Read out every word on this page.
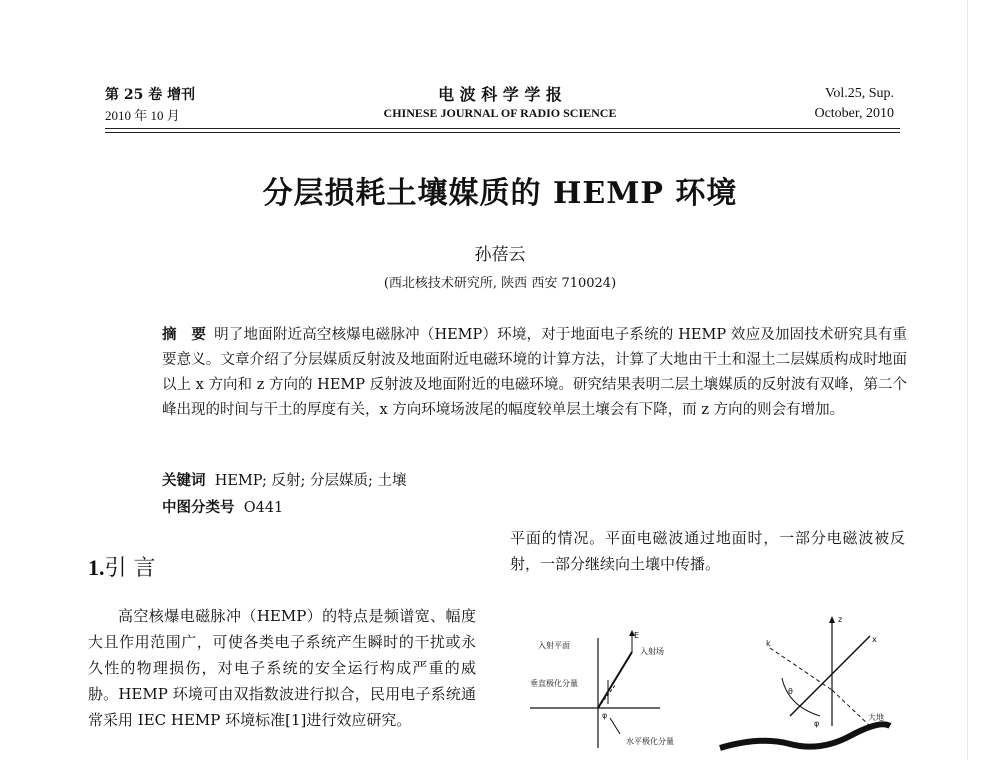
第 25 卷 增刊
2010 年 10 月
电 波 科 学 学 报
CHINESE JOURNAL OF RADIO SCIENCE
Vol.25, Sup.
October, 2010
分层损耗土壤媒质的 HEMP 环境
孙蓓云
(西北核技术研究所, 陕西 西安 710024)
摘　要 明了地面附近高空核爆电磁脉冲（HEMP）环境，对于地面电子系统的 HEMP 效应及加固技术研究具有重要意义。文章介绍了分层媒质反射波及地面附近电磁环境的计算方法，计算了大地由干土和湿土二层媒质构成时地面以上 x 方向和 z 方向的 HEMP 反射波及地面附近的电磁环境。研究结果表明二层土壤媒质的反射波有双峰，第二个峰出现的时间与干土的厚度有关，x 方向环境场波尾的幅度较单层土壤会有下降，而 z 方向的则会有增加。
关键词 HEMP; 反射; 分层媒质; 土壤
中图分类号 O441
1.引 言
高空核爆电磁脉冲（HEMP）的特点是频谱宽、幅度大且作用范围广，可使各类电子系统产生瞬时的干扰或永久性的物理损伤，对电子系统的安全运行构成严重的威胁。HEMP 环境可由双指数波进行拟合，民用电子系统通常采用 IEC HEMP 环境标准[1]进行效应研究。
平面的情况。平面电磁波通过地面时，一部分电磁波被反射，一部分继续向土壤中传播。
入射平面
入射场
垂直极化分量
水平极化分量
E
φ	大地
z
k
θ
φ
x
